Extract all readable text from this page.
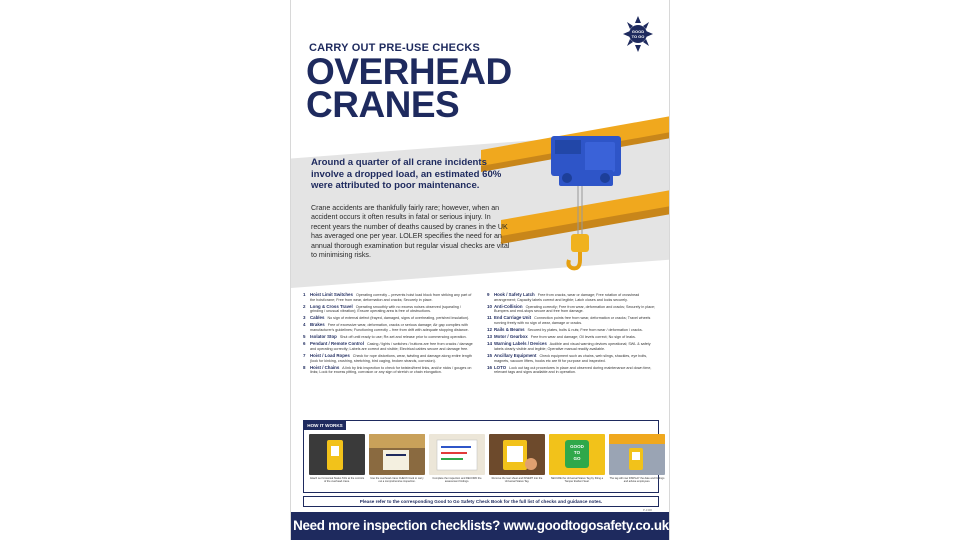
GOOD
TO GO
CARRY OUT PRE-USE CHECKS
OVERHEAD
CRANES
Around a quarter of all crane incidents involve a dropped load, an estimated 60% were attributed to poor maintenance.
Crane accidents are thankfully fairly rare; however, when an accident occurs it often results in fatal or serious injury. In recent years the number of deaths caused by cranes in the UK has averaged one per year. LOLER specifies the need for an annual thorough examination but regular visual checks are vital to minimising risks.
1	Hoist Limit Switches Operating correctly – prevents hoist load block from striking any part of the hoist/crane; Free from wear, deformation and cracks; Securely in place.
2	Long & Cross Travel Operating smoothly with no excess noises observed (squealing / grinding / unusual vibration); Ensure operating area is free of obstructions.
3	Cables No sign of external defect (frayed, damaged, signs of overheating, perished insulation).
4	Brakes Free of excessive wear, deformation, cracks or serious damage; Air gap complies with manufacturer's guidelines; Functioning correctly – free from drift with adequate stopping distance.
5	Isolator Stop Shut off until ready to use; Re-set and release prior to commencing operation.
6	Pendant / Remote Control Casing / lights / switches / buttons are free from cracks / damage and operating correctly; Labels are correct and visible; Electrical cables secure and damage free.
7	Hoist / Load Ropes Check for rope distortions, wear, twisting and damage along entire length (look for kinking, crushing, stretching, bird caging, broken strands, corrosion).
8	Hoist / Chains A link by link inspection to check for twisted/bent links, and/or nicks / gouges on links; Look for excess pitting, corrosion or any sign of stretch or chain elongation.
9	Hook / Safety Latch Free from cracks, wear or damage; Free rotation of crosshead arrangement; Capacity labels correct and legible; Latch closes and locks securely.
10 Anti-Collision Operating correctly; Free from wear, deformation and cracks; Securely in place; Bumpers and end-stops secure and free from damage.
11 End Carriage Unit Connection points free from wear, deformation or cracks; Travel wheels running freely with no sign of wear, damage or cracks.
12 Rails & Beams Secured by plates, bolts & nuts; Free from wear / deformation / cracks.
13 Motor / Gearbox Free from wear and damage; Oil levels correct; No sign of leaks.
14 Warning Labels / Devices Audible and visual warning devices operational; SWL & safety labels clearly visible and legible; Operative manual readily available.
15 Ancillary Equipment Check equipment such as chains, web slings, shackles, eye bolts, magnets, vacuum lifters, hooks etc are fit for purpose and inspected.
16 LOTO Lock out tag out procedures in place and observed during maintenance and down time, relevant tags and signs available and in operation.
HOW IT WORKS
Attach our Universal Status TAG at the controls of the overhead crane.
Use the overhead crane CHECK book to carry out a comprehensive inspection.
Complete the inspection and RECORD the assessment findings.
Remove the tear sheet and INSERT into the Universal Status Tag.
GOOD
TO
GO
SECURE the Universal Status Tag by fitting a Tamper Evident Seal.
The tag will now DISPLAY the date and findings and advise employees.
Please refer to the corresponding Good to Go Safety Check Book for the full list of checks and guidance notes.
P-1390
Need more inspection checklists? www.goodtogosafety.co.uk
